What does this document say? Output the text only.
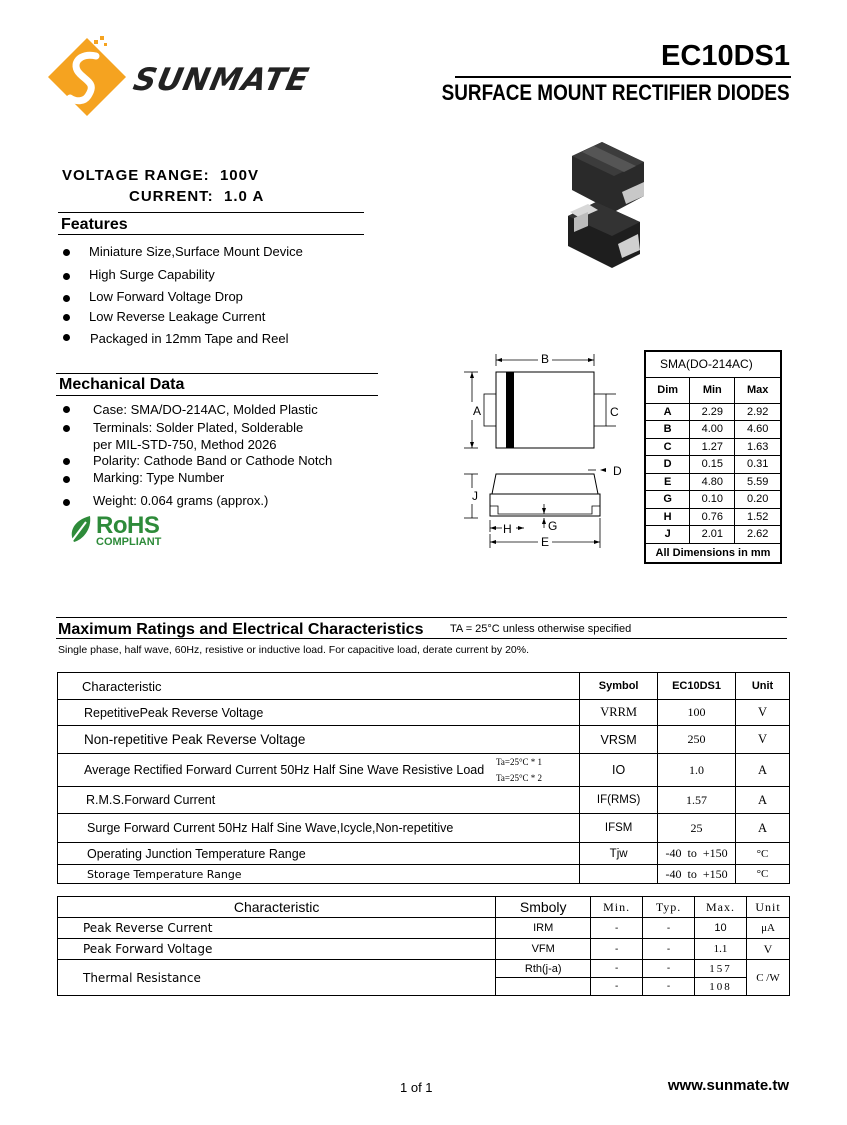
SUNMATE
EC10DS1
SURFACE MOUNT RECTIFIER DIODES
VOLTAGE RANGE: 100V
CURRENT: 1.0 A
Features
Miniature Size,Surface Mount Device
High Surge Capability
Low Forward Voltage Drop
Low Reverse Leakage Current
Packaged in 12mm Tape and Reel
Mechanical Data
Case: SMA/DO-214AC, Molded Plastic
Terminals: Solder Plated, Solderable
per MIL-STD-750, Method 2026
Polarity: Cathode Band or Cathode Notch
Marking: Type Number
Weight: 0.064 grams (approx.)
RoHS
COMPLIANT
B
A	C
D
J
H	G
E
SMA(DO-214AC)		
Dim	Min	Max
A	2.29	2.92
B	4.00	4.60
C	1.27	1.63
D	0.15	0.31
E	4.80	5.59
G	0.10	0.20
H	0.76	1.52
J	2.01	2.62
All Dimensions in mm		
Maximum Ratings and Electrical Characteristics TA = 25°C unless otherwise specified
Single phase, half wave, 60Hz, resistive or inductive load. For capacitive load, derate current by 20%.
Characteristic	Symbol	EC10DS1	Unit
RepetitivePeak Reverse Voltage	VRRM	100	V
Non-repetitive Peak Reverse Voltage	VRSM	250	V
Average Rectified Forward Current 50Hz Half Sine Wave Resistive Load
Ta=25°C * 1
Ta=25°C * 2	IO	1.0	A
R.M.S.Forward Current	IF(RMS)	1.57	A
Surge Forward Current 50Hz Half Sine Wave,Icycle,Non-repetitive	IFSM	25	A
Operating Junction Temperature Range	Tjw	-40  to  +150	°C
Storage Temperature Range		-40  to  +150	°C
Characteristic	Smboly	Min.	Typ.	Max.	Unit
Peak Reverse Current	IRM	-	-	10	μA
Peak Forward Voltage	VFM	-	-	1.1	V
Thermal Resistance	Rth(j-a)	-	-	157	C /W
		-	-	108	
1 of 1	www.sunmate.tw
